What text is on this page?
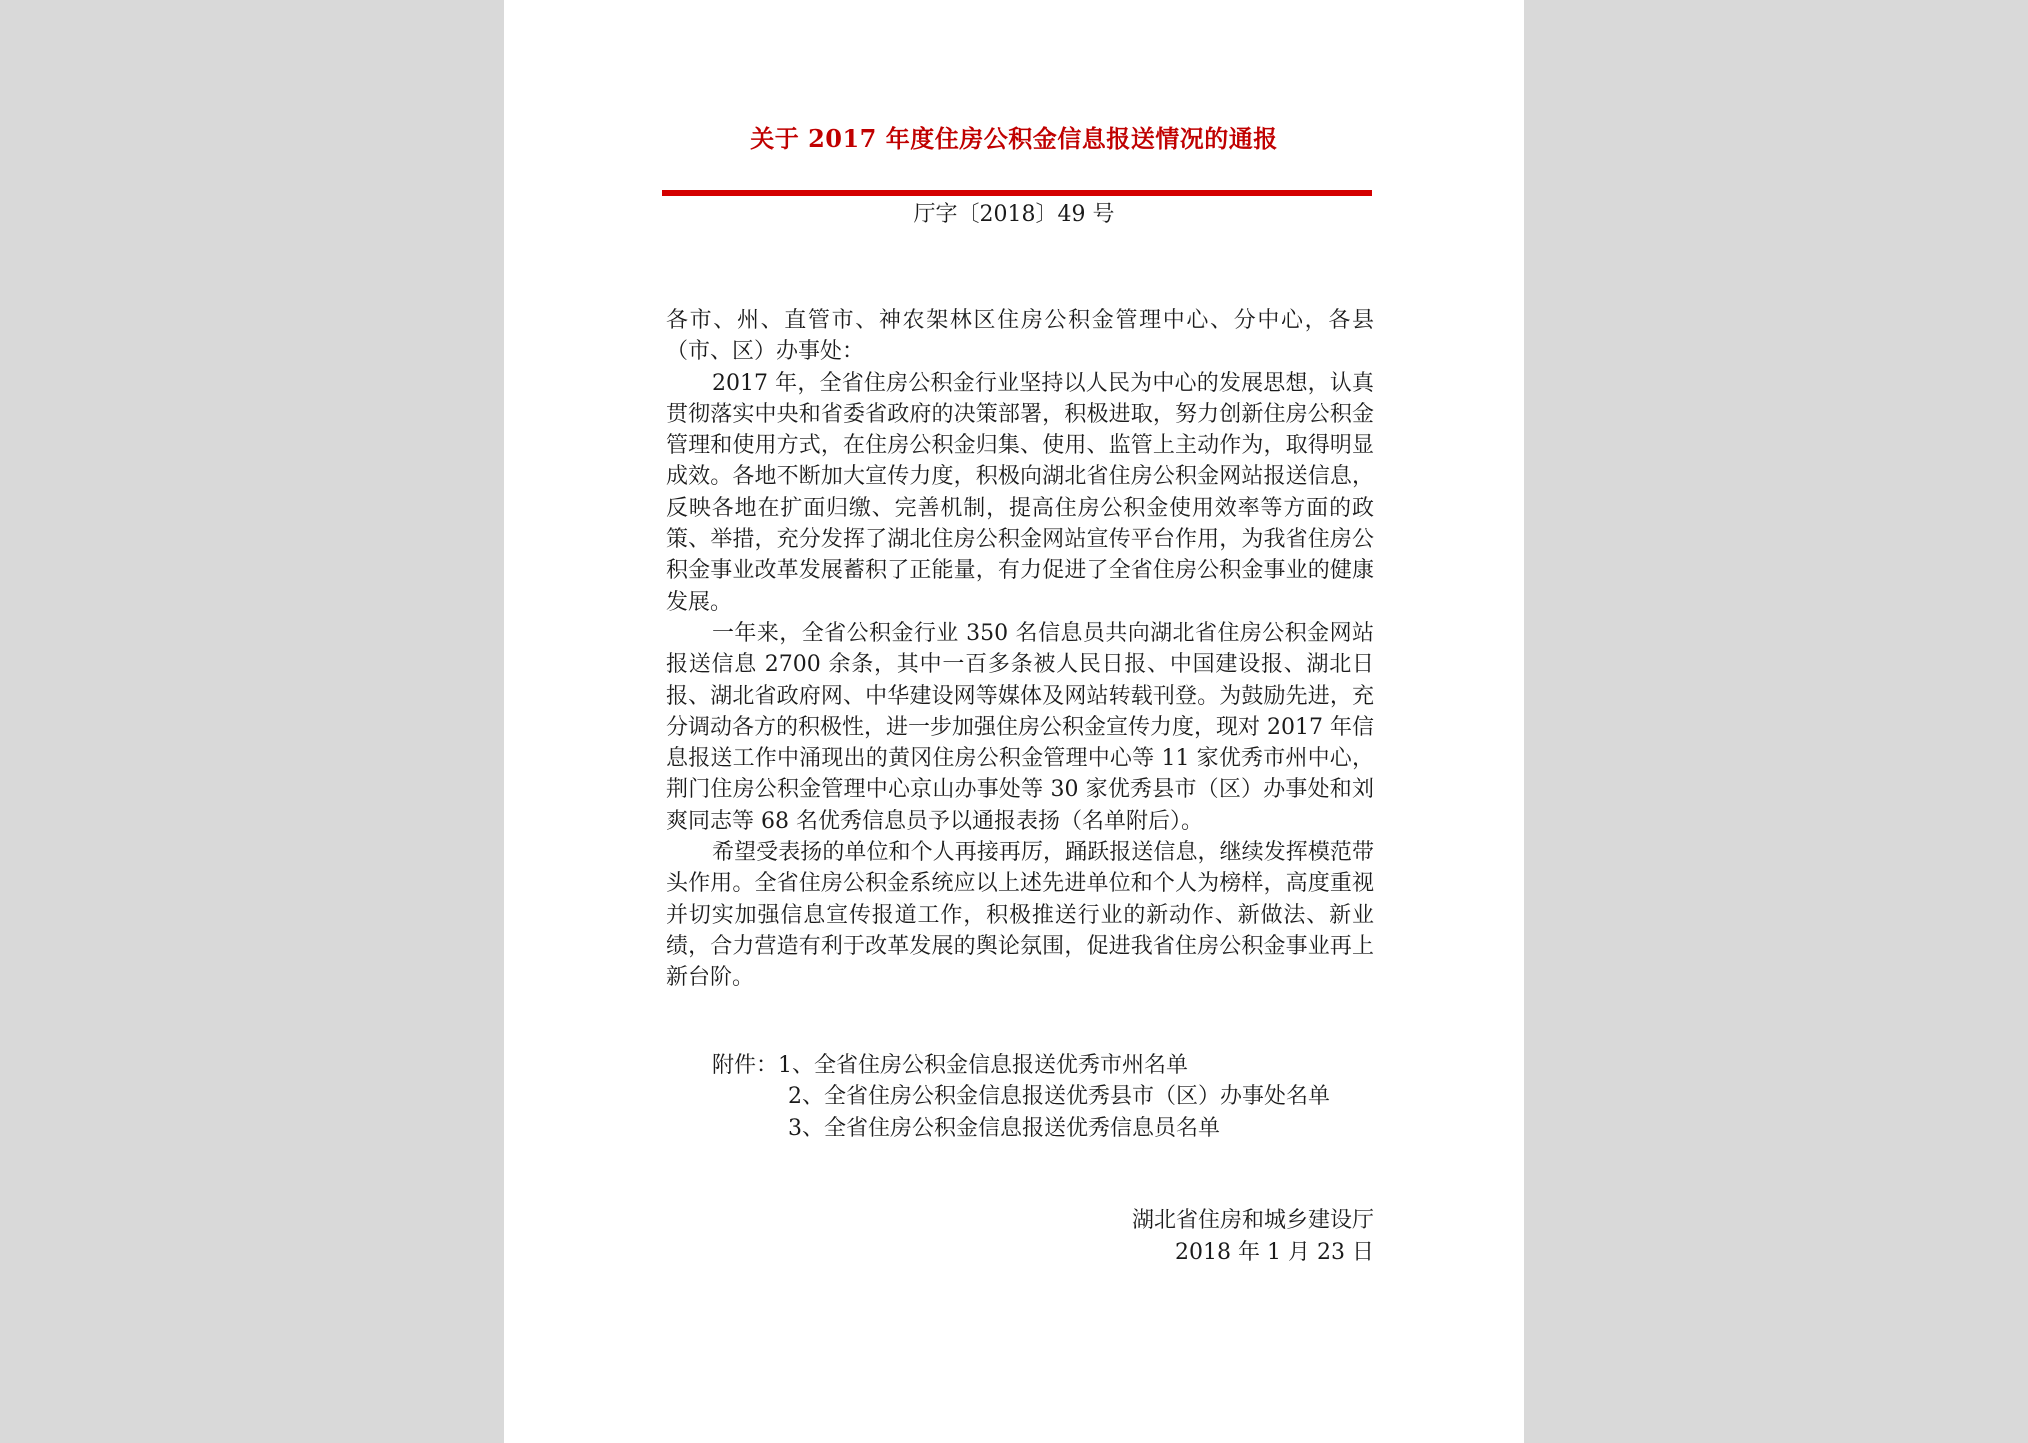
关于 2017 年度住房公积金信息报送情况的通报
厅字〔2018〕49 号

各市、州、直管市、神农架林区住房公积金管理中心、分中心，各县（市、区）办事处：

2017 年，全省住房公积金行业坚持以人民为中心的发展思想，认真贯彻落实中央和省委省政府的决策部署，积极进取，努力创新住房公积金管理和使用方式，在住房公积金归集、使用、监管上主动作为，取得明显成效。各地不断加大宣传力度，积极向湖北省住房公积金网站报送信息，反映各地在扩面归缴、完善机制，提高住房公积金使用效率等方面的政策、举措，充分发挥了湖北住房公积金网站宣传平台作用，为我省住房公积金事业改革发展蓄积了正能量，有力促进了全省住房公积金事业的健康发展。

一年来，全省公积金行业 350 名信息员共向湖北省住房公积金网站报送信息 2700 余条，其中一百多条被人民日报、中国建设报、湖北日报、湖北省政府网、中华建设网等媒体及网站转载刊登。为鼓励先进，充分调动各方的积极性，进一步加强住房公积金宣传力度，现对 2017 年信息报送工作中涌现出的黄冈住房公积金管理中心等 11 家优秀市州中心，荆门住房公积金管理中心京山办事处等 30 家优秀县市（区）办事处和刘爽同志等 68 名优秀信息员予以通报表扬（名单附后）。

希望受表扬的单位和个人再接再厉，踊跃报送信息，继续发挥模范带头作用。全省住房公积金系统应以上述先进单位和个人为榜样，高度重视并切实加强信息宣传报道工作，积极推送行业的新动作、新做法、新业绩，合力营造有利于改革发展的舆论氛围，促进我省住房公积金事业再上新台阶。

附件：1、全省住房公积金信息报送优秀市州名单

2、全省住房公积金信息报送优秀县市（区）办事处名单

3、全省住房公积金信息报送优秀信息员名单

湖北省住房和城乡建设厅

2018 年 1 月 23 日
